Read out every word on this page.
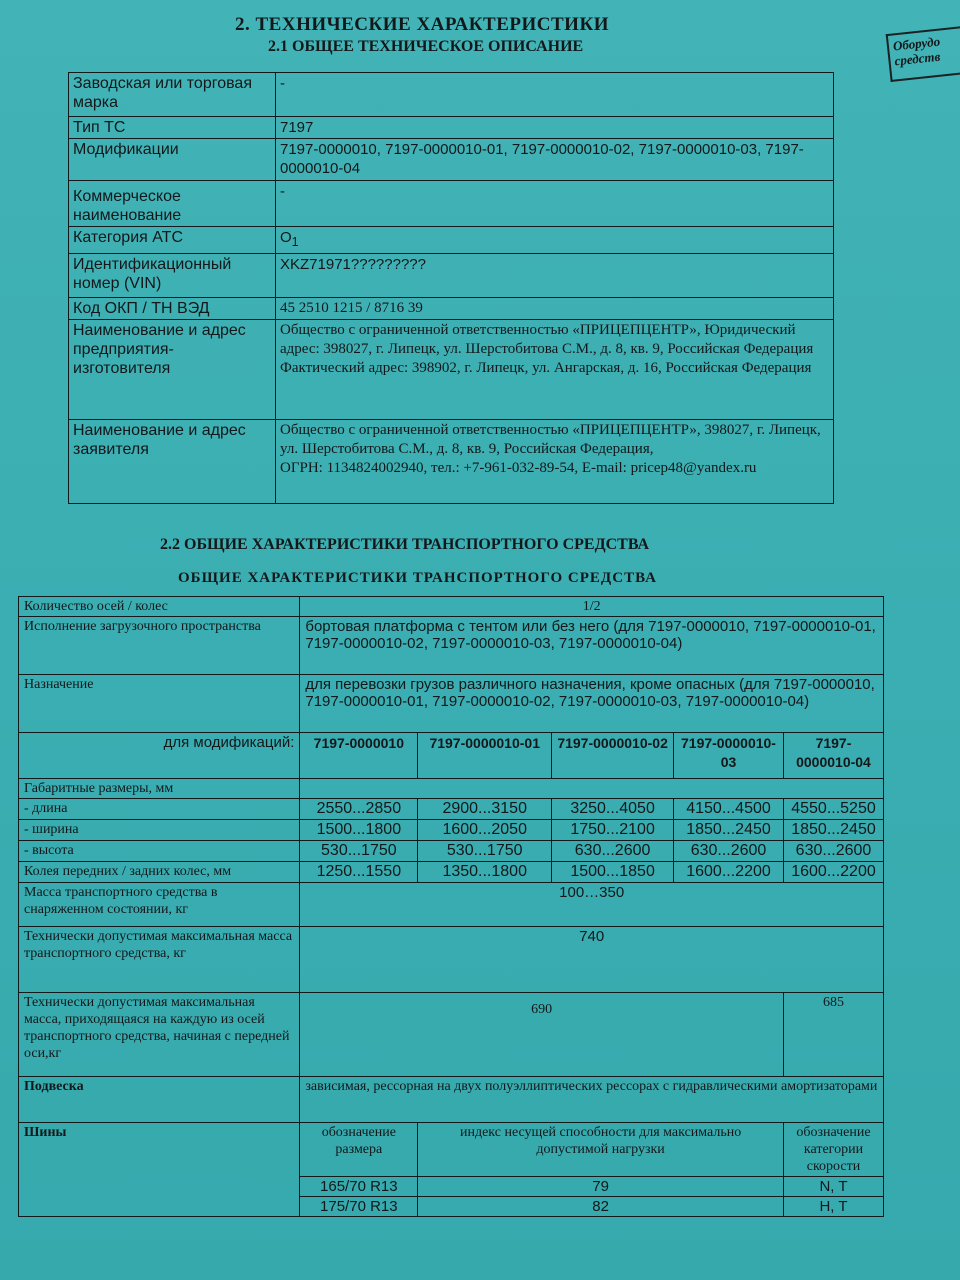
Оборудо
средств
2. ТЕХНИЧЕСКИЕ ХАРАКТЕРИСТИКИ
2.1 ОБЩЕЕ ТЕХНИЧЕСКОЕ ОПИСАНИЕ
Заводская или торговая марка	-
Тип ТС	7197
Модификации	7197-0000010, 7197-0000010-01, 7197-0000010-02, 7197-0000010-03, 7197-0000010-04
Коммерческое наименование	-
Категория АТС	$O_1$
Идентификационный номер (VIN)	XKZ71971?????????
Код ОКП / ТН ВЭД	45 2510 1215 / 8716 39
Наименование и адрес предприятия-изготовителя	Общество с ограниченной ответственностью «ПРИЦЕПЦЕНТР», Юридический адрес: 398027, г. Липецк, ул. Шерстобитова С.М., д. 8, кв. 9, Российская Федерация
Фактический адрес: 398902, г. Липецк, ул. Ангарская, д. 16, Российская Федерация

Наименование и адрес заявителя	Общество с ограниченной ответственностью «ПРИЦЕПЦЕНТР», 398027, г. Липецк, ул. Шерстобитова С.М., д. 8, кв. 9, Российская Федерация,
ОГРН: 1134824002940, тел.: +7-961-032-89-54, E-mail: pricep48@yandex.ru
2.2 ОБЩИЕ ХАРАКТЕРИСТИКИ ТРАНСПОРТНОГО СРЕДСТВА
ОБЩИЕ ХАРАКТЕРИСТИКИ ТРАНСПОРТНОГО СРЕДСТВА
Количество осей / колес	1/2				
Исполнение загрузочного пространства	бортовая платформа с тентом или без него (для 7197-0000010, 7197-0000010-01, 7197-0000010-02, 7197-0000010-03, 7197-0000010-04)				
Назначение	для перевозки грузов различного назначения, кроме опасных (для 7197-0000010, 7197-0000010-01, 7197-0000010-02, 7197-0000010-03, 7197-0000010-04)				
для модификаций:	7197-0000010	7197-0000010-01	7197-0000010-02	7197-0000010-03	7197-0000010-04
Габаритные размеры, мм					
- длина	2550...2850	2900...3150	3250...4050	4150...4500	4550...5250
- ширина	1500...1800	1600...2050	1750...2100	1850...2450	1850...2450
- высота	530...1750	530...1750	630...2600	630...2600	630...2600
Колея передних / задних колес, мм	1250...1550	1350...1800	1500...1850	1600...2200	1600...2200
Масса транспортного средства в снаряженном состоянии, кг	100…350				
Технически допустимая максимальная масса транспортного средства, кг	740				
Технически допустимая максимальная масса, приходящаяся на каждую из осей транспортного средства, начиная с передней оси,кг	690				685
Подвеска	зависимая, рессорная на двух полуэллиптических рессорах с гидравлическими амортизаторами				
Шины	обозначение размера	индекс несущей способности для максимально допустимой нагрузки			обозначение категории скорости
	165/70 R13	79			N, T
	175/70 R13	82			H, T
